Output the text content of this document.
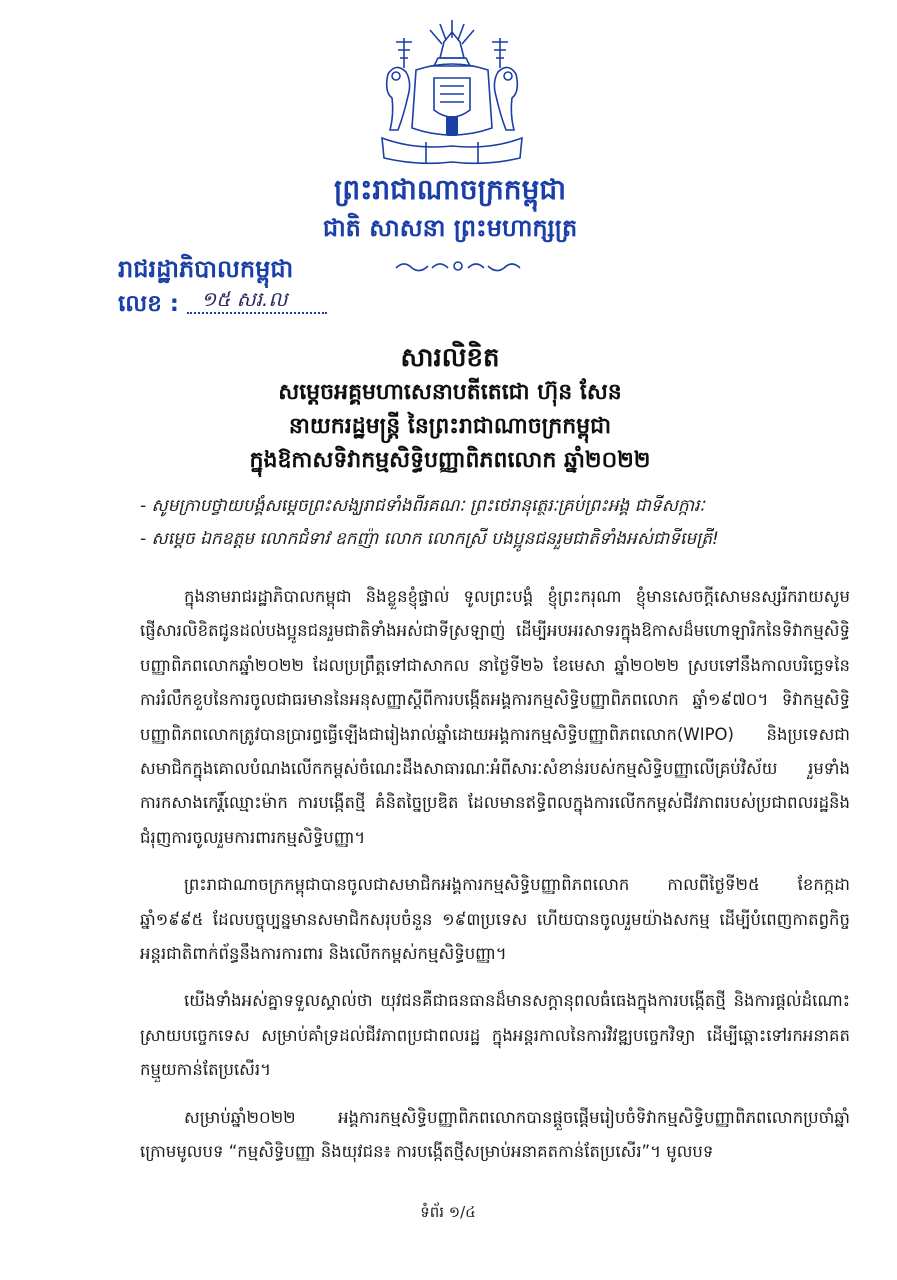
ព្រះរាជាណាចក្រកម្ពុជា
ជាតិ សាសនា ព្រះមហាក្សត្រ
រាជរដ្ឋាភិបាលកម្ពុជា
លេខ : ១៥ សរ.ល
សារលិខិត
សម្តេចអគ្គមហាសេនាបតីតេជោ ហ៊ុន សែន
នាយករដ្ឋមន្ត្រី នៃព្រះរាជាណាចក្រកម្ពុជា
ក្នុងឱកាសទិវាកម្មសិទ្ធិបញ្ញាពិភពលោក ឆ្នាំ២០២២
- សូមក្រាបថ្វាយបង្គំសម្តេចព្រះសង្ឃរាជទាំងពីរគណៈ ព្រះថេរានុត្ថេរៈគ្រប់ព្រះអង្គ ជាទីសក្ការៈ
- សម្តេច ឯកឧត្តម លោកជំទាវ ឧកញ៉ា លោក លោកស្រី បងប្អូនជនរួមជាតិទាំងអស់ជាទីមេត្រី!

ក្នុងនាមរាជរដ្ឋាភិបាលកម្ពុជា និងខ្លួនខ្ញុំផ្ទាល់ ទូលព្រះបង្គំ ខ្ញុំព្រះករុណា ខ្ញុំមានសេចក្តីសោមនស្សរីករាយសូមផ្ញើសារលិខិតជូនដល់បងប្អូនជនរួមជាតិទាំងអស់ជាទីស្រឡាញ់ ដើម្បីអបអរសាទរក្នុងឱកាសដ៏មហោឡារិកនៃទិវាកម្មសិទ្ធិបញ្ញាពិភពលោកឆ្នាំ២០២២ ដែលប្រព្រឹត្តទៅជាសាកល នាថ្ងៃទី២៦ ខែមេសា ឆ្នាំ២០២២ ស្របទៅនឹងកាលបរិច្ឆេទនៃការរំលឹកខួបនៃការចូលជាធរមាននៃអនុសញ្ញាស្តីពីការបង្កើតអង្គការកម្មសិទ្ធិបញ្ញាពិភពលោក ឆ្នាំ១៩៧០។ ទិវាកម្មសិទ្ធិបញ្ញាពិភពលោកត្រូវបានប្រារព្ធធ្វើឡើងជារៀងរាល់ឆ្នាំដោយអង្គការកម្មសិទ្ធិបញ្ញាពិភពលោក(WIPO) និងប្រទេសជាសមាជិកក្នុងគោលបំណងលើកកម្ពស់ចំណេះដឹងសាធារណៈអំពីសារៈសំខាន់របស់កម្មសិទ្ធិបញ្ញាលើគ្រប់វិស័យ រួមទាំង ការកសាងកេរ្តិ៍ឈ្មោះម៉ាក ការបង្កើតថ្មី គំនិតច្នៃប្រឌិត ដែលមានឥទ្ធិពលក្នុងការលើកកម្ពស់ជីវភាពរបស់ប្រជាពលរដ្ឋនិងជំរុញការចូលរួមការពារកម្មសិទ្ធិបញ្ញា។

ព្រះរាជាណាចក្រកម្ពុជាបានចូលជាសមាជិកអង្គការកម្មសិទ្ធិបញ្ញាពិភពលោក កាលពីថ្ងៃទី២៥ ខែកក្កដា ឆ្នាំ១៩៩៥ ដែលបច្ចុប្បន្នមានសមាជិកសរុបចំនួន ១៩៣ប្រទេស ហើយបានចូលរួមយ៉ាងសកម្ម ដើម្បីបំពេញកាតព្វកិច្ចអន្តរជាតិពាក់ព័ន្ធនឹងការការពារ និងលើកកម្ពស់កម្មសិទ្ធិបញ្ញា។

យើងទាំងអស់គ្នាទទួលស្គាល់ថា យុវជនគឺជាធនធានដ៏មានសក្តានុពលធំធេងក្នុងការបង្កើតថ្មី និងការផ្តល់ដំណោះស្រាយបច្ចេកទេស សម្រាប់គាំទ្រដល់ជីវភាពប្រជាពលរដ្ឋ ក្នុងអន្តរកាលនៃការវិវឌ្ឍបច្ចេកវិទ្យា ដើម្បីឆ្ពោះទៅរកអនាគតកម្មួយកាន់តែប្រសើរ។

សម្រាប់ឆ្នាំ២០២២ អង្គការកម្មសិទ្ធិបញ្ញាពិភពលោកបានផ្តួចផ្តើមរៀបចំទិវាកម្មសិទ្ធិបញ្ញាពិភពលោកប្រចាំឆ្នាំ ក្រោមមូលបទ “កម្មសិទ្ធិបញ្ញា និងយុវជន៖ ការបង្កើតថ្មីសម្រាប់អនាគតកាន់តែប្រសើរ”។ មូលបទ

ទំព័រ ១/៤
